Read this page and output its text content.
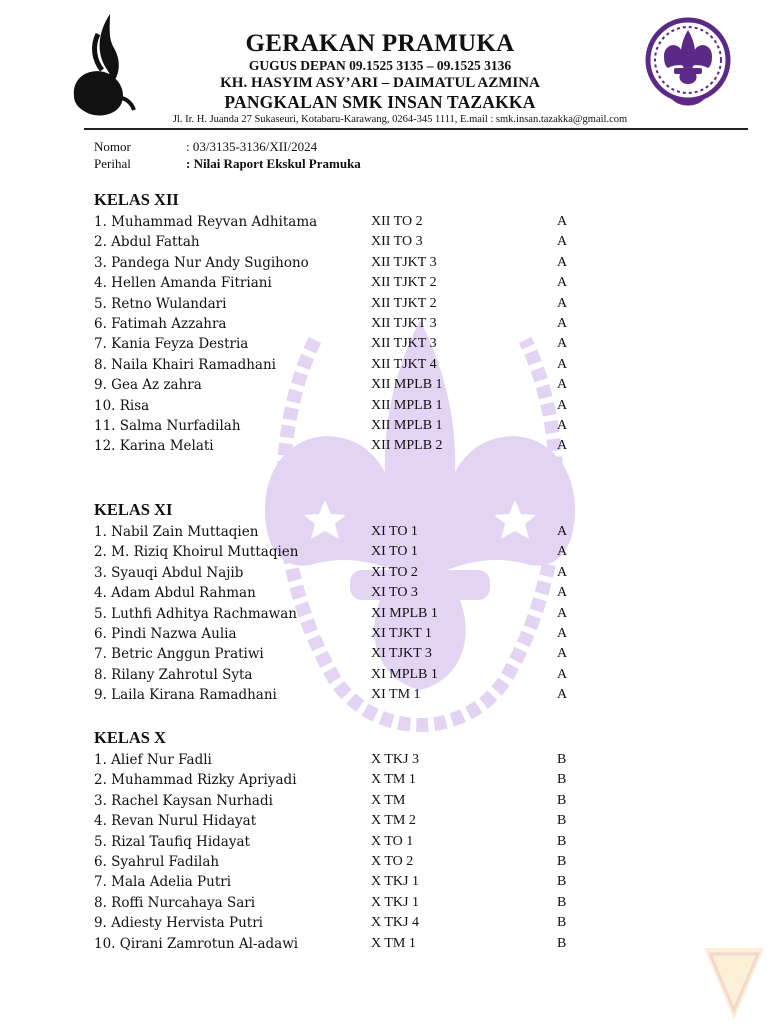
GERAKAN PRAMUKA
GUGUS DEPAN 09.1525 3135 – 09.1525 3136
KH. HASYIM ASY’ARI – DAIMATUL AZMINA
PANGKALAN SMK INSAN TAZAKKA
Jl. Ir. H. Juanda 27 Sukaseuri, Kotabaru-Karawang, 0264-345 1111, E.mail : smk.insan.tazakka@gmail.com
Nomor	: 03/3135-3136/XII/2024
Perihal	: Nilai Raport Ekskul Pramuka
KELAS XII
1. Muhammad Reyvan Adhitama	XII TO 2	A
2. Abdul Fattah	XII TO 3	A
3. Pandega Nur Andy Sugihono	XII TJKT 3	A
4. Hellen Amanda Fitriani	XII TJKT 2	A
5. Retno Wulandari	XII TJKT 2	A
6. Fatimah Azzahra	XII TJKT 3	A
7. Kania Feyza Destria	XII TJKT 3	A
8. Naila Khairi Ramadhani	XII TJKT 4	A
9. Gea Az zahra	XII MPLB 1	A
10. Risa	XII MPLB 1	A
11. Salma Nurfadilah	XII MPLB 1	A
12. Karina Melati	XII MPLB 2	A
KELAS XI
1. Nabil Zain Muttaqien	XI TO 1	A
2. M. Riziq Khoirul Muttaqien	XI TO 1	A
3. Syauqi Abdul Najib	XI TO 2	A
4. Adam Abdul Rahman	XI TO 3	A
5. Luthfi Adhitya Rachmawan	XI MPLB 1	A
6. Pindi Nazwa Aulia	XI TJKT 1	A
7. Betric Anggun Pratiwi	XI TJKT 3	A
8. Rilany Zahrotul Syta	XI MPLB 1	A
9. Laila Kirana Ramadhani	XI TM 1	A
KELAS X
1. Alief Nur Fadli	X TKJ 3	B
2. Muhammad Rizky Apriyadi	X TM 1	B
3. Rachel Kaysan Nurhadi	X TM	B
4. Revan Nurul Hidayat	X TM 2	B
5. Rizal Taufiq Hidayat	X TO 1	B
6. Syahrul Fadilah	X TO 2	B
7. Mala Adelia Putri	X TKJ 1	B
8. Roffi Nurcahaya Sari	X TKJ 1	B
9. Adiesty Hervista Putri	X TKJ 4	B
10. Qirani Zamrotun Al-adawi	X TM 1	B
